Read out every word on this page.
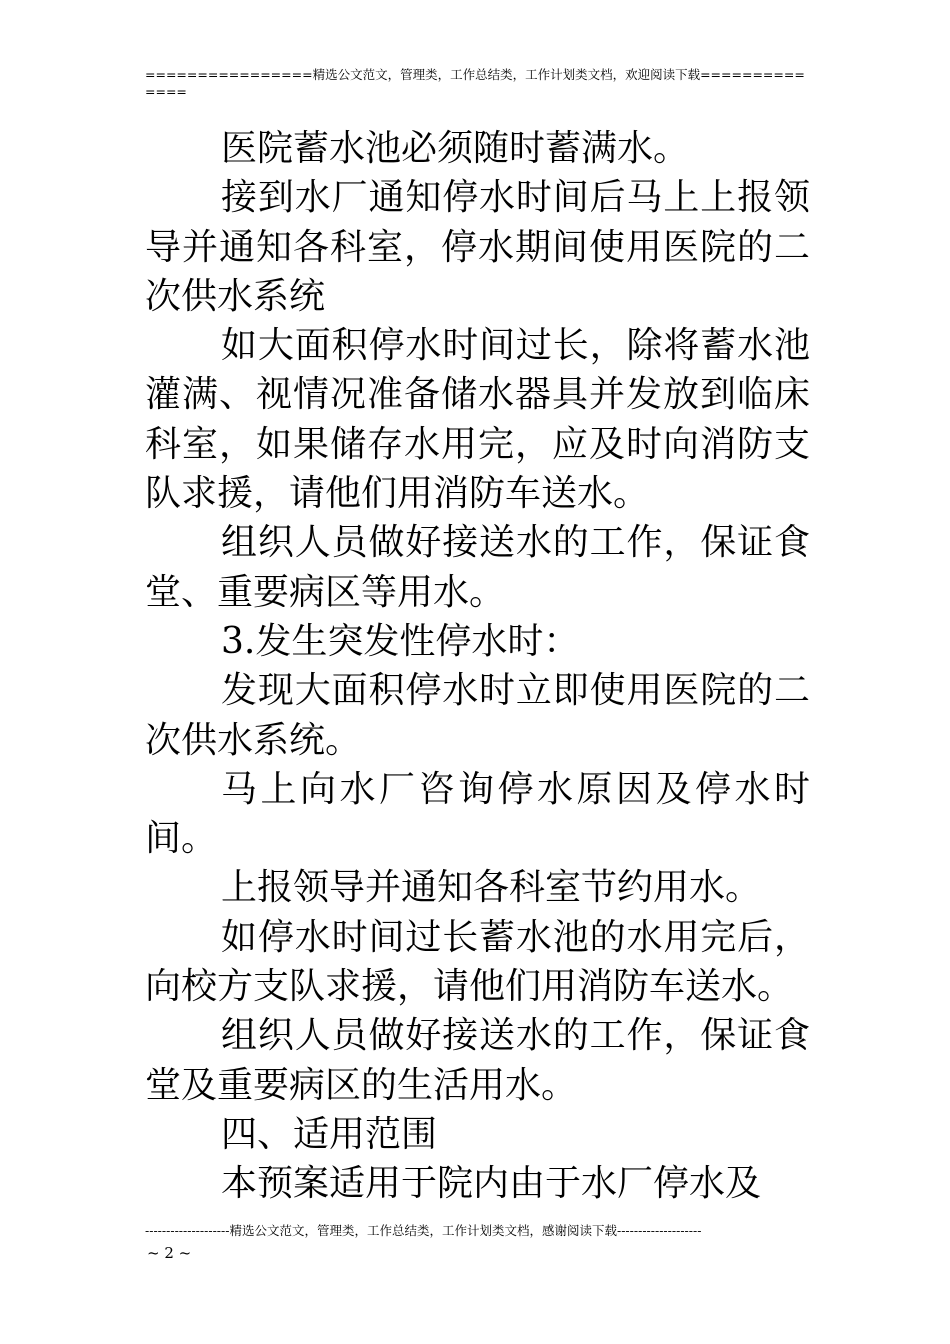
================精选公文范文，管理类，工作总结类，工作计划类文档，欢迎阅读下载==============

医院蓄水池必须随时蓄满水。

接到水厂通知停水时间后马上上报领导并通知各科室，停水期间使用医院的二次供水系统

如大面积停水时间过长，除将蓄水池灌满、视情况准备储水器具并发放到临床科室，如果储存水用完，应及时向消防支队求援，请他们用消防车送水。

组织人员做好接送水的工作，保证食堂、重要病区等用水。

3.发生突发性停水时：

发现大面积停水时立即使用医院的二次供水系统。

马上向水厂咨询停水原因及停水时间。

上报领导并通知各科室节约用水。

如停水时间过长蓄水池的水用完后，向校方支队求援，请他们用消防车送水。

组织人员做好接送水的工作，保证食堂及重要病区的生活用水。

四、适用范围

本预案适用于院内由于水厂停水及

--------------------精选公文范文，管理类，工作总结类，工作计划类文档，感谢阅读下载--------------------
~ 2 ~
